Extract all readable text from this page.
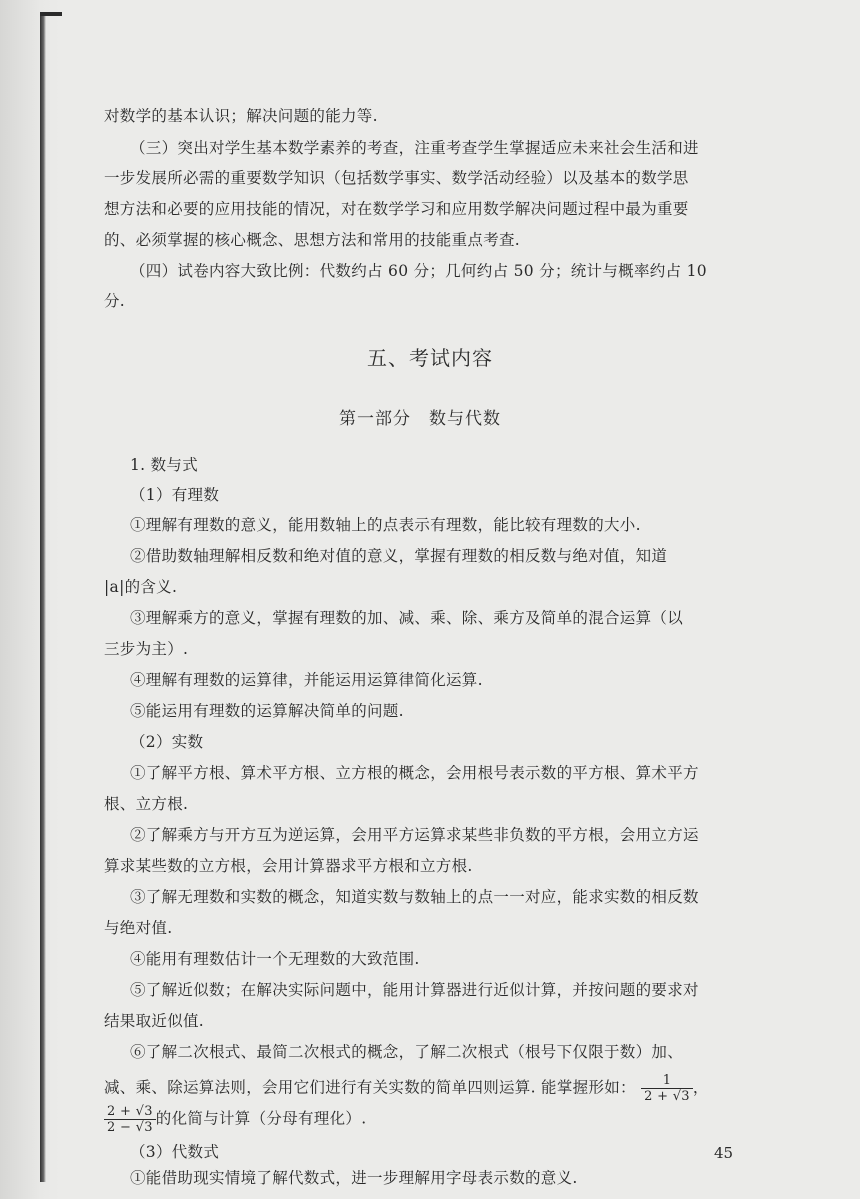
对数学的基本认识；解决问题的能力等.
（三）突出对学生基本数学素养的考查，注重考查学生掌握适应未来社会生活和进
一步发展所必需的重要数学知识（包括数学事实、数学活动经验）以及基本的数学思
想方法和必要的应用技能的情况，对在数学学习和应用数学解决问题过程中最为重要
的、必须掌握的核心概念、思想方法和常用的技能重点考查.
（四）试卷内容大致比例：代数约占 60 分；几何约占 50 分；统计与概率约占 10
分.
五、考试内容
第一部分　数与代数
1. 数与式
（1）有理数
①理解有理数的意义，能用数轴上的点表示有理数，能比较有理数的大小.
②借助数轴理解相反数和绝对值的意义，掌握有理数的相反数与绝对值，知道
|a|的含义.
③理解乘方的意义，掌握有理数的加、减、乘、除、乘方及简单的混合运算（以
三步为主）.
④理解有理数的运算律，并能运用运算律简化运算.
⑤能运用有理数的运算解决简单的问题.
（2）实数
①了解平方根、算术平方根、立方根的概念，会用根号表示数的平方根、算术平方
根、立方根.
②了解乘方与开方互为逆运算，会用平方运算求某些非负数的平方根，会用立方运
算求某些数的立方根，会用计算器求平方根和立方根.
③了解无理数和实数的概念，知道实数与数轴上的点一一对应，能求实数的相反数
与绝对值.
④能用有理数估计一个无理数的大致范围.
⑤了解近似数；在解决实际问题中，能用计算器进行近似计算，并按问题的要求对
结果取近似值.
⑥了解二次根式、最简二次根式的概念，了解二次根式（根号下仅限于数）加、
减、乘、除运算法则，会用它们进行有关实数的简单四则运算. 能掌握形如： $\frac{1}{2 + √3}$ ，
$\frac{2 + √3}{2 - √3}$ 的化简与计算（分母有理化）.
（3）代数式
①能借助现实情境了解代数式，进一步理解用字母表示数的意义.
45
